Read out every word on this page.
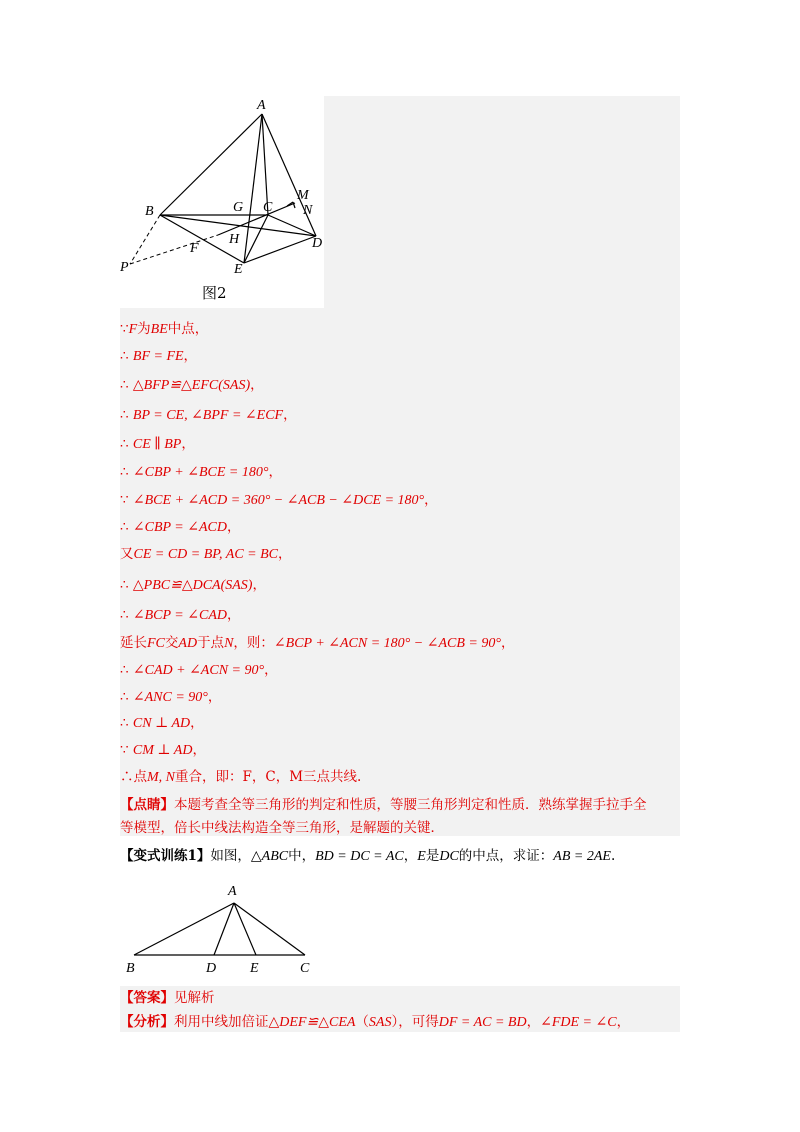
A
B	G C
M
N
H	D
F
E
P
图2
∵F为BE中点，
∴ BF = FE，
∴ △BFP≌△EFC(SAS)，
∴ BP = CE, ∠BPF = ∠ECF，
∴ CE ∥ BP，
∴ ∠CBP + ∠BCE = 180°，
∵ ∠BCE + ∠ACD = 360° − ∠ACB − ∠DCE = 180°，
∴ ∠CBP = ∠ACD，
又CE = CD = BP, AC = BC，
∴ △PBC≌△DCA(SAS)，
∴ ∠BCP = ∠CAD，
延长FC交AD于点N，则：∠BCP + ∠ACN = 180° − ∠ACB = 90°，
∴ ∠CAD + ∠ACN = 90°，
∴ ∠ANC = 90°，
∴ CN ⊥ AD，
∵ CM ⊥ AD，
∴点M, N重合，即：F，C，M三点共线.
【点睛】本题考查全等三角形的判定和性质，等腰三角形判定和性质．熟练掌握手拉手全
等模型，倍长中线法构造全等三角形，是解题的关键．
【变式训练1】如图，△ABC中，BD = DC = AC，E是DC的中点，求证：AB = 2AE.
A
B	D E	C
【答案】见解析
【分析】利用中线加倍证△DEF≌△CEA（SAS），可得DF = AC = BD，∠FDE = ∠C，
